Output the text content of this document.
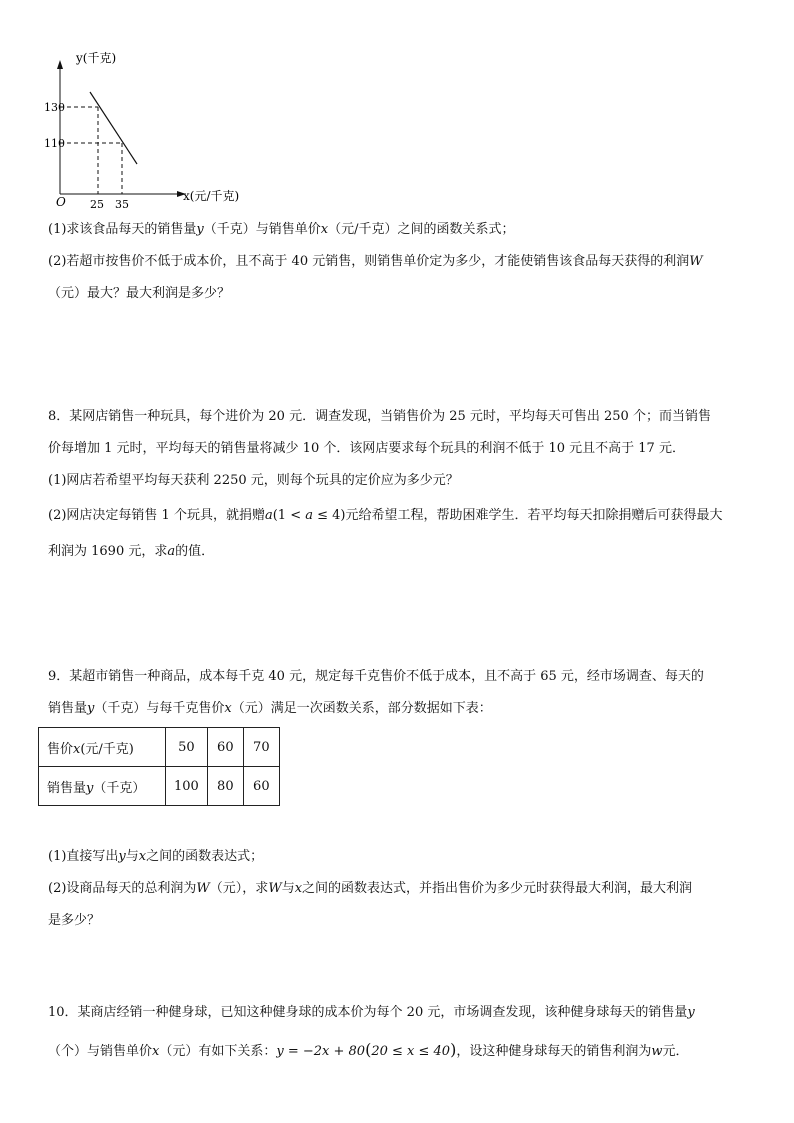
y(千克)
x(元/千克)
O
130
110
25 35
(1)求该食品每天的销售量y（千克）与销售单价x（元/千克）之间的函数关系式；
(2)若超市按售价不低于成本价，且不高于 40 元销售，则销售单价定为多少，才能使销售该食品每天获得的利润W
（元）最大？最大利润是多少？
8．某网店销售一种玩具，每个进价为 20 元．调查发现，当销售价为 25 元时，平均每天可售出 250 个；而当销售
价每增加 1 元时，平均每天的销售量将减少 10 个．该网店要求每个玩具的利润不低于 10 元且不高于 17 元．
(1)网店若希望平均每天获利 2250 元，则每个玩具的定价应为多少元？
(2)网店决定每销售 1 个玩具，就捐赠a(1 < a ≤ 4)元给希望工程，帮助困难学生．若平均每天扣除捐赠后可获得最大
利润为 1690 元，求a的值．
9．某超市销售一种商品，成本每千克 40 元，规定每千克售价不低于成本，且不高于 65 元，经市场调查、每天的
销售量y（千克）与每千克售价x（元）满足一次函数关系，部分数据如下表：
售价x(元/千克)	50	60	70
销售量y（千克）	100	80	60
(1)直接写出y与x之间的函数表达式；
(2)设商品每天的总利润为W（元），求W与x之间的函数表达式，并指出售价为多少元时获得最大利润，最大利润
是多少？
10．某商店经销一种健身球，已知这种健身球的成本价为每个 20 元，市场调查发现，该种健身球每天的销售量y
（个）与销售单价x（元）有如下关系：y = −2x + 80(20 ≤ x ≤ 40)，设这种健身球每天的销售利润为w元．
